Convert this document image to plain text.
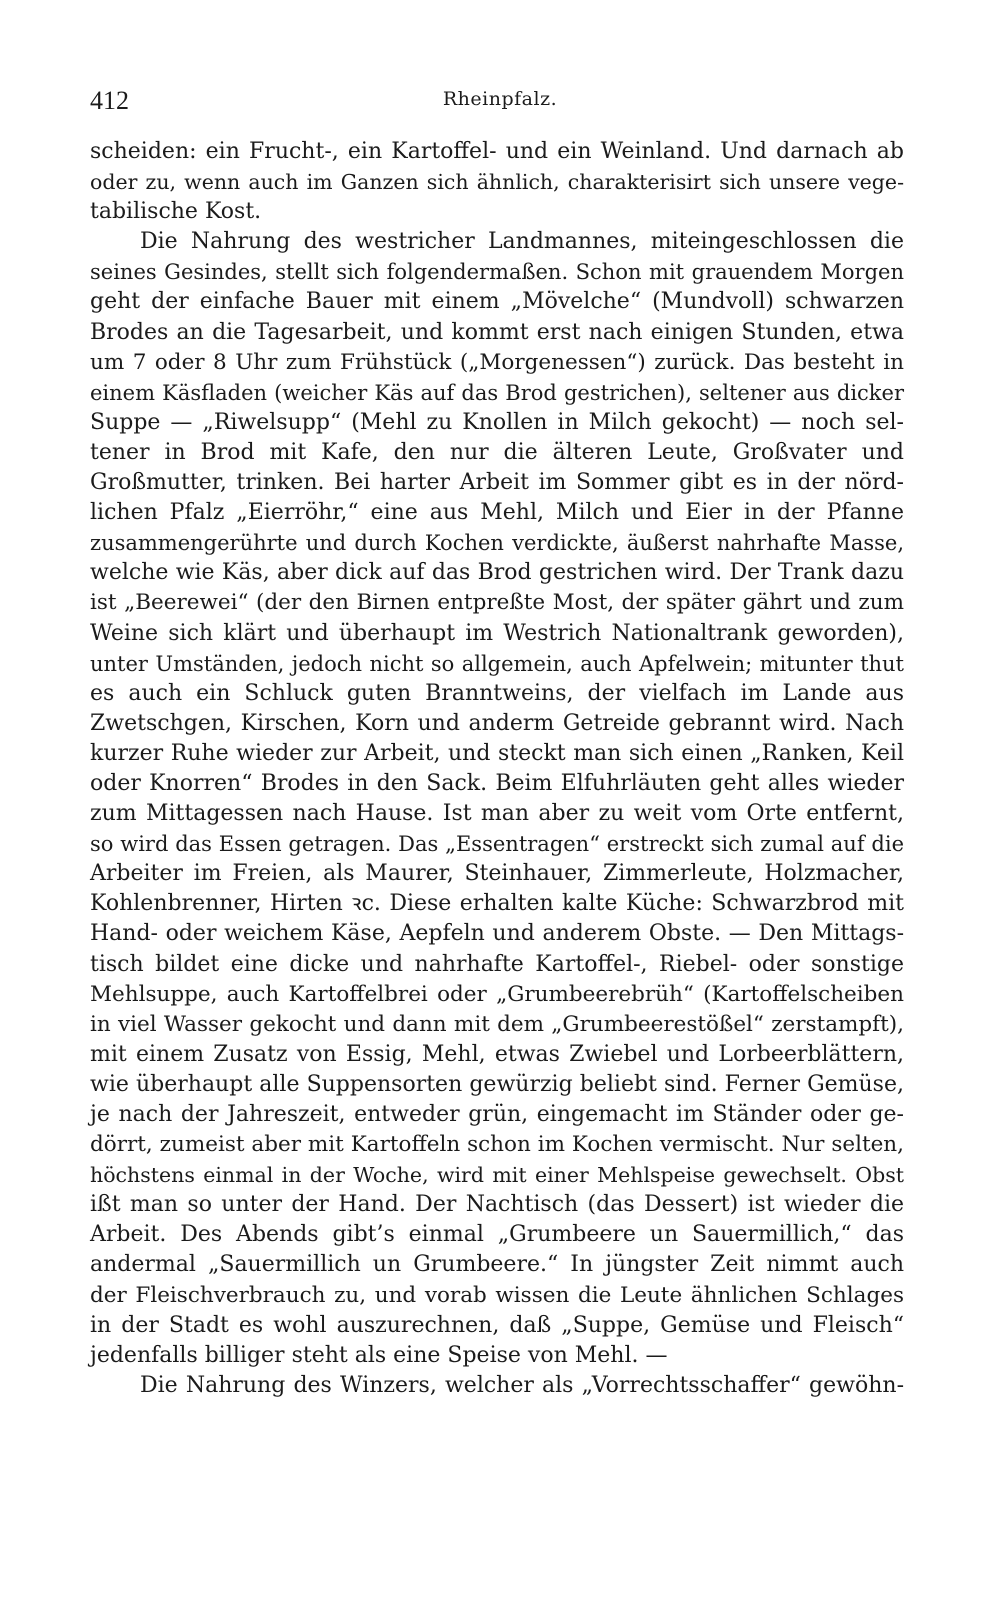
412	Rheinpfalz.
scheiden: ein Frucht-, ein Kartoffel- und ein Weinland. Und darnach ab
oder zu, wenn auch im Ganzen sich ähnlich, charakterisirt sich unsere vege-
tabilische Kost.
Die Nahrung des westricher Landmannes, miteingeschlossen die
seines Gesindes, stellt sich folgendermaßen. Schon mit grauendem Morgen
geht der einfache Bauer mit einem „Mövelche“ (Mundvoll) schwarzen
Brodes an die Tagesarbeit, und kommt erst nach einigen Stunden, etwa
um 7 oder 8 Uhr zum Frühstück („Morgenessen“) zurück. Das besteht in
einem Käsfladen (weicher Käs auf das Brod gestrichen), seltener aus dicker
Suppe — „Riwelsupp“ (Mehl zu Knollen in Milch gekocht) — noch sel-
tener in Brod mit Kafe, den nur die älteren Leute, Großvater und
Großmutter, trinken. Bei harter Arbeit im Sommer gibt es in der nörd-
lichen Pfalz „Eierröhr,“ eine aus Mehl, Milch und Eier in der Pfanne
zusammengerührte und durch Kochen verdickte, äußerst nahrhafte Masse,
welche wie Käs, aber dick auf das Brod gestrichen wird. Der Trank dazu
ist „Beerewei“ (der den Birnen entpreßte Most, der später gährt und zum
Weine sich klärt und überhaupt im Westrich Nationaltrank geworden),
unter Umständen, jedoch nicht so allgemein, auch Apfelwein; mitunter thut
es auch ein Schluck guten Branntweins, der vielfach im Lande aus
Zwetschgen, Kirschen, Korn und anderm Getreide gebrannt wird. Nach
kurzer Ruhe wieder zur Arbeit, und steckt man sich einen „Ranken, Keil
oder Knorren“ Brodes in den Sack. Beim Elfuhrläuten geht alles wieder
zum Mittagessen nach Hause. Ist man aber zu weit vom Orte entfernt,
so wird das Essen getragen. Das „Essentragen“ erstreckt sich zumal auf die
Arbeiter im Freien, als Maurer, Steinhauer, Zimmerleute, Holzmacher,
Kohlenbrenner, Hirten ꝛc. Diese erhalten kalte Küche: Schwarzbrod mit
Hand- oder weichem Käse, Aepfeln und anderem Obste. — Den Mittags-
tisch bildet eine dicke und nahrhafte Kartoffel-, Riebel- oder sonstige
Mehlsuppe, auch Kartoffelbrei oder „Grumbeerebrüh“ (Kartoffelscheiben
in viel Wasser gekocht und dann mit dem „Grumbeerestößel“ zerstampft),
mit einem Zusatz von Essig, Mehl, etwas Zwiebel und Lorbeerblättern,
wie überhaupt alle Suppensorten gewürzig beliebt sind. Ferner Gemüse,
je nach der Jahreszeit, entweder grün, eingemacht im Ständer oder ge-
dörrt, zumeist aber mit Kartoffeln schon im Kochen vermischt. Nur selten,
höchstens einmal in der Woche, wird mit einer Mehlspeise gewechselt. Obst
ißt man so unter der Hand. Der Nachtisch (das Dessert) ist wieder die
Arbeit. Des Abends gibt’s einmal „Grumbeere un Sauermillich,“ das
andermal „Sauermillich un Grumbeere.“ In jüngster Zeit nimmt auch
der Fleischverbrauch zu, und vorab wissen die Leute ähnlichen Schlages
in der Stadt es wohl auszurechnen, daß „Suppe, Gemüse und Fleisch“
jedenfalls billiger steht als eine Speise von Mehl. —
Die Nahrung des Winzers, welcher als „Vorrechtsschaffer“ gewöhn-
